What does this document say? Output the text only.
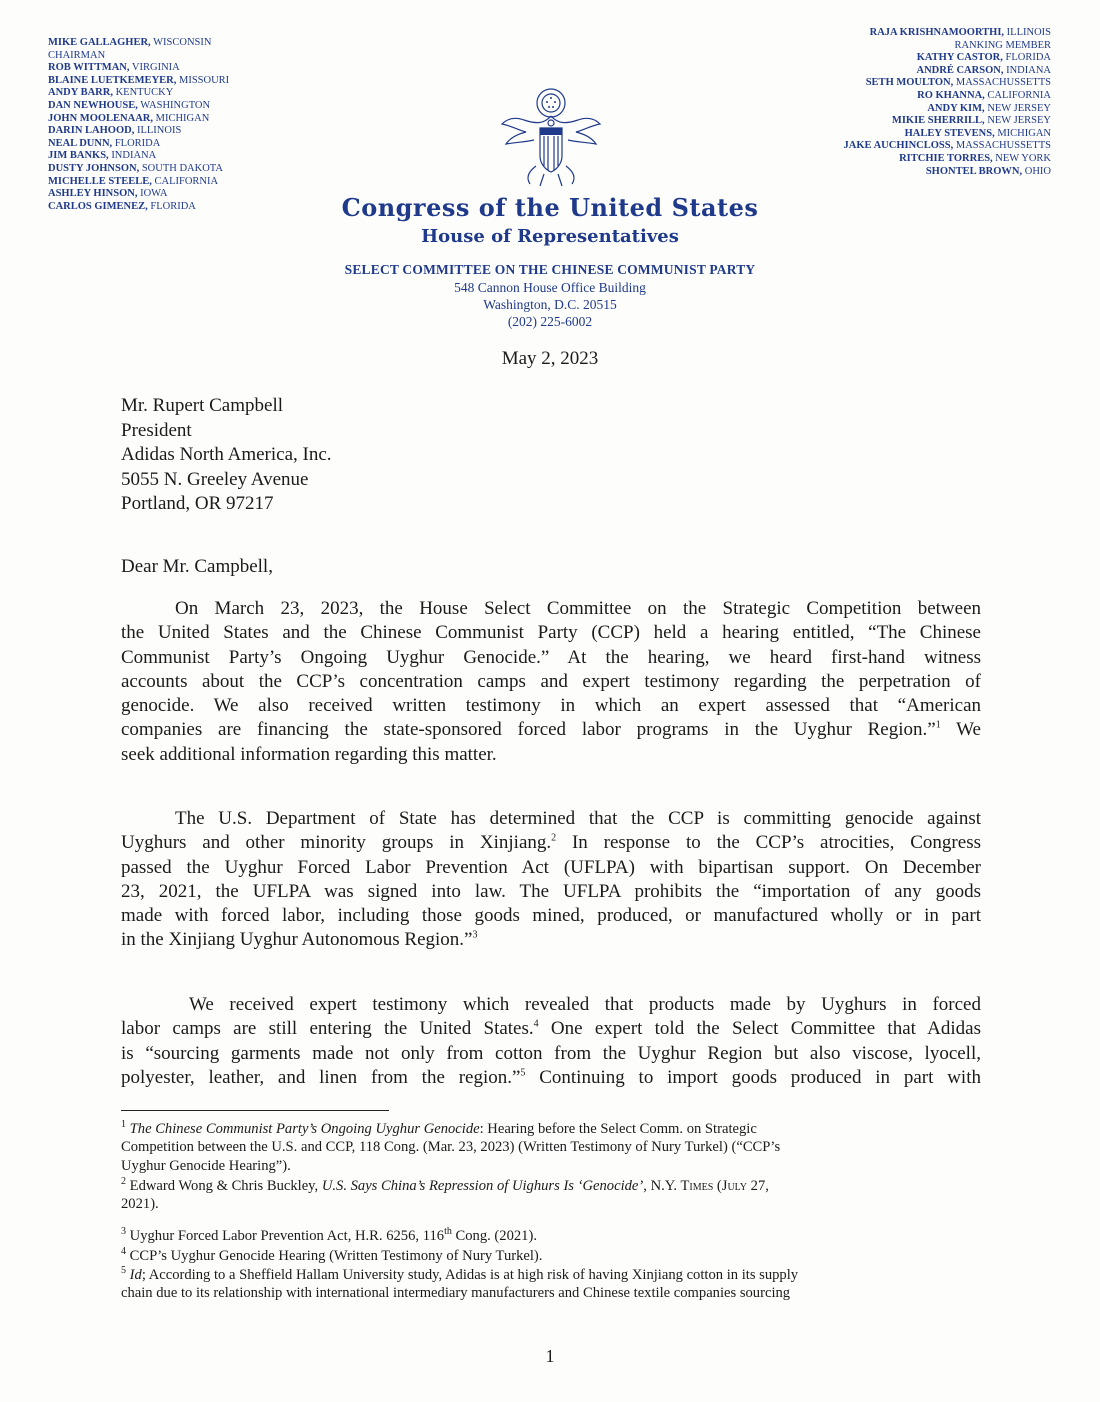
MIKE GALLAGHER, WISCONSIN
CHAIRMAN
ROB WITTMAN, VIRGINIA
BLAINE LUETKEMEYER, MISSOURI
ANDY BARR, KENTUCKY
DAN NEWHOUSE, WASHINGTON
JOHN MOOLENAAR, MICHIGAN
DARIN LAHOOD, ILLINOIS
NEAL DUNN, FLORIDA
JIM BANKS, INDIANA
DUSTY JOHNSON, SOUTH DAKOTA
MICHELLE STEELE, CALIFORNIA
ASHLEY HINSON, IOWA
CARLOS GIMENEZ, FLORIDA
RAJA KRISHNAMOORTHI, ILLINOIS
RANKING MEMBER
KATHY CASTOR, FLORIDA
ANDRÉ CARSON, INDIANA
SETH MOULTON, MASSACHUSSETTS
RO KHANNA, CALIFORNIA
ANDY KIM, NEW JERSEY
MIKIE SHERRILL, NEW JERSEY
HALEY STEVENS, MICHIGAN
JAKE AUCHINCLOSS, MASSACHUSSETTS
RITCHIE TORRES, NEW YORK
SHONTEL BROWN, OHIO
Congress of the United States
House of Representatives
SELECT COMMITTEE ON THE CHINESE COMMUNIST PARTY
548 Cannon House Office Building
Washington, D.C. 20515
(202) 225-6002
May 2, 2023
Mr. Rupert Campbell
President
Adidas North America, Inc.
5055 N. Greeley Avenue
Portland, OR 97217
Dear Mr. Campbell,
On March 23, 2023, the House Select Committee on the Strategic Competition between
the United States and the Chinese Communist Party (CCP) held a hearing entitled, “The Chinese
Communist Party’s Ongoing Uyghur Genocide.” At the hearing, we heard first-hand witness
accounts about the CCP’s concentration camps and expert testimony regarding the perpetration of
genocide. We also received written testimony in which an expert assessed that “American
companies are financing the state-sponsored forced labor programs in the Uyghur Region.”$^1$ We
seek additional information regarding this matter.
The U.S. Department of State has determined that the CCP is committing genocide against
Uyghurs and other minority groups in Xinjiang.$^2$ In response to the CCP’s atrocities, Congress
passed the Uyghur Forced Labor Prevention Act (UFLPA) with bipartisan support. On December
23, 2021, the UFLPA was signed into law. The UFLPA prohibits the “importation of any goods
made with forced labor, including those goods mined, produced, or manufactured wholly or in part
in the Xinjiang Uyghur Autonomous Region.”$^3$
We received expert testimony which revealed that products made by Uyghurs in forced
labor camps are still entering the United States.$^4$ One expert told the Select Committee that Adidas
is “sourcing garments made not only from cotton from the Uyghur Region but also viscose, lyocell,
polyester, leather, and linen from the region.”$^5$ Continuing to import goods produced in part with
$^1$ The Chinese Communist Party’s Ongoing Uyghur Genocide: Hearing before the Select Comm. on Strategic
Competition between the U.S. and CCP, 118 Cong. (Mar. 23, 2023) (Written Testimony of Nury Turkel) (“CCP’s
Uyghur Genocide Hearing”).
$^2$ Edward Wong & Chris Buckley, U.S. Says China’s Repression of Uighurs Is ‘Genocide’, N.Y. Times (July 27,
2021).
$^3$ Uyghur Forced Labor Prevention Act, H.R. 6256, 116th Cong. (2021).
$^4$ CCP’s Uyghur Genocide Hearing (Written Testimony of Nury Turkel).
$^5$ Id; According to a Sheffield Hallam University study, Adidas is at high risk of having Xinjiang cotton in its supply
chain due to its relationship with international intermediary manufacturers and Chinese textile companies sourcing
1
